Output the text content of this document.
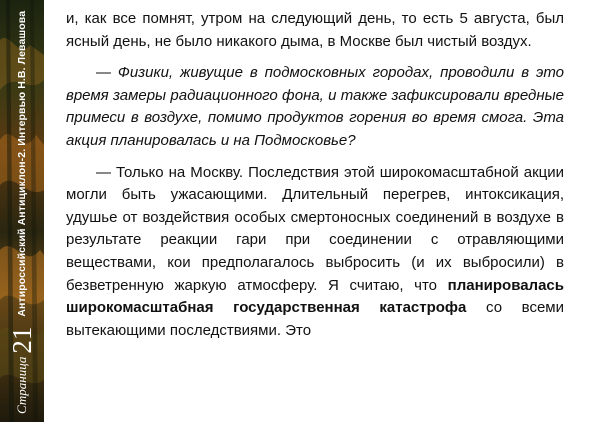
Страница
21
Антироссийский Антициклон-2. Интервью Н.В. Левашова	и, как все помнят, утром на следующий день, то есть 5 августа, был ясный день, не было никакого дыма, в Москве был чистый воздух.

— Физики, живущие в подмосковных городах, проводили в это время замеры радиационного фона, и также зафиксировали вредные примеси в воздухе, помимо продуктов горения во время смога. Эта акция планировалась и на Подмосковье?

— Только на Москву. Последствия этой широкомасштабной акции могли быть ужасающими. Длительный перегрев, интоксикация, удушье от воздействия особых смертоносных соединений в воздухе в результате реакции гари при соединении с отравляющими веществами, кои предполагалось выбросить (и их выбросили) в безветренную жаркую атмосферу. Я считаю, что планировалась широкомасштабная государственная катастрофа со всеми вытекающими последствиями. Это
